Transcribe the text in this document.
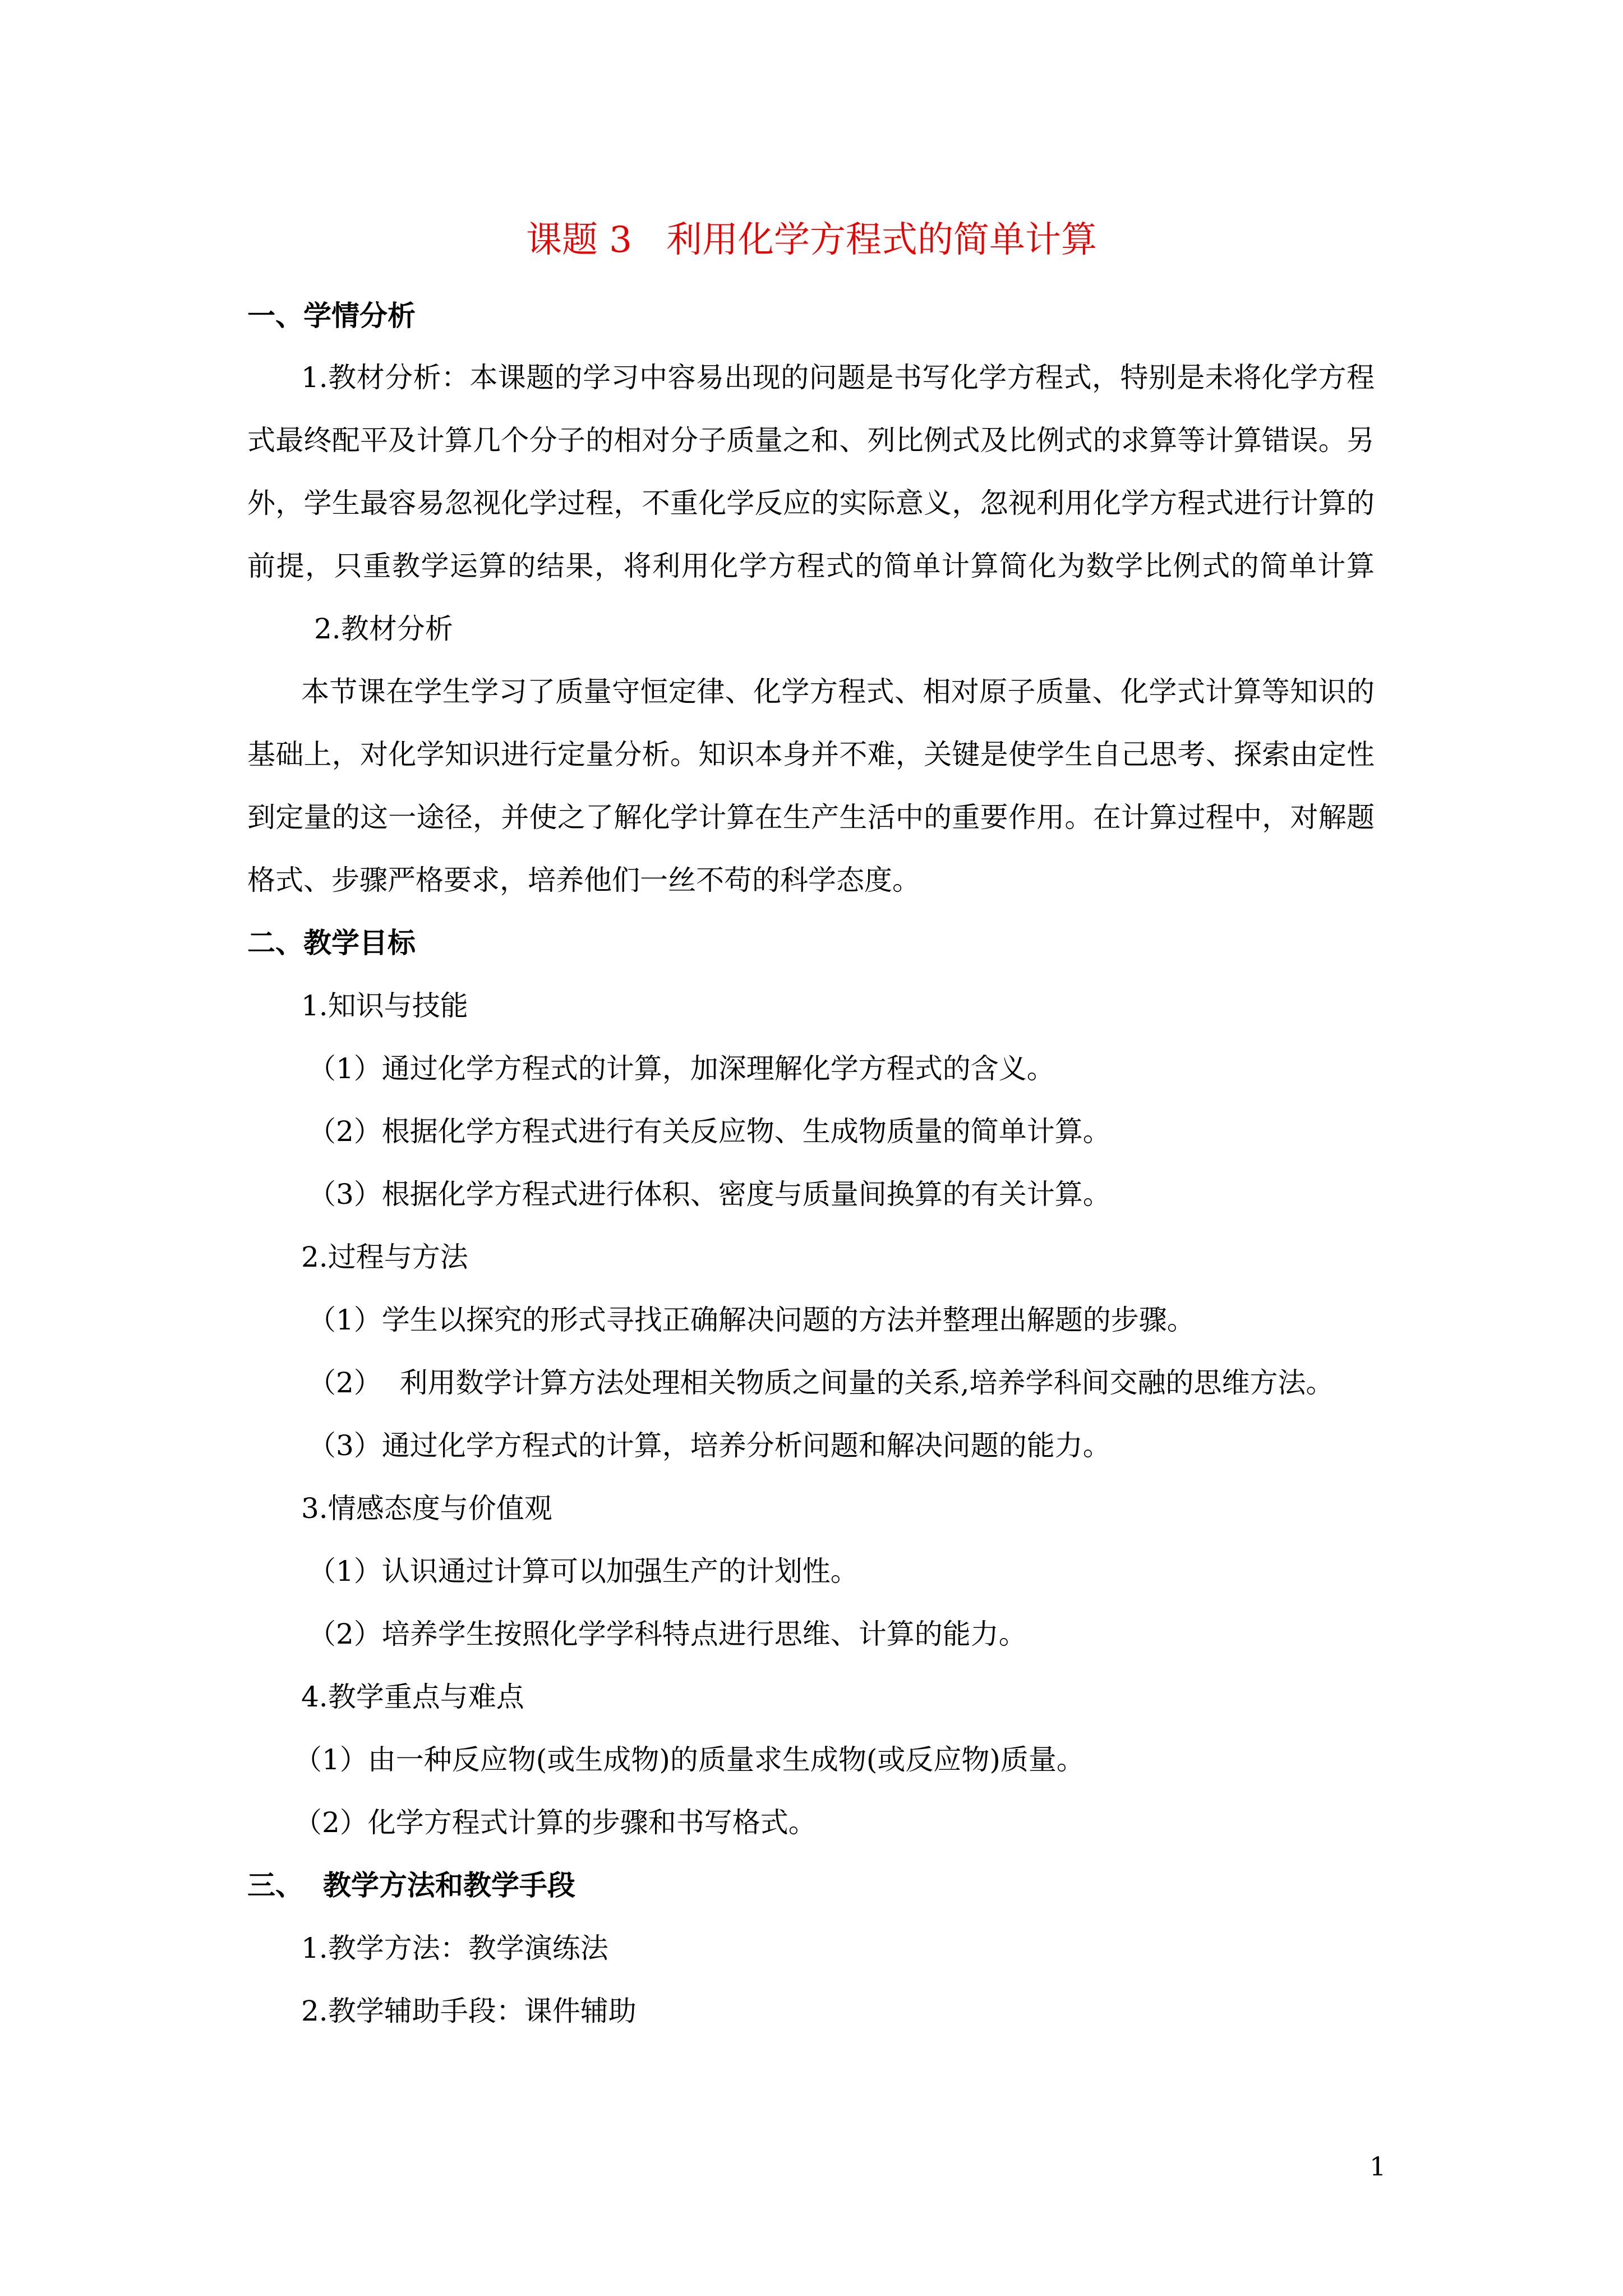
课题 3   利用化学方程式的简单计算
一、学情分析
1.教材分析：本课题的学习中容易出现的问题是书写化学方程式，特别是未将化学方程
式最终配平及计算几个分子的相对分子质量之和、列比例式及比例式的求算等计算错误。另
外，学生最容易忽视化学过程，不重化学反应的实际意义，忽视利用化学方程式进行计算的
前提，只重教学运算的结果，将利用化学方程式的简单计算简化为数学比例式的简单计算
2.教材分析
本节课在学生学习了质量守恒定律、化学方程式、相对原子质量、化学式计算等知识的
基础上，对化学知识进行定量分析。知识本身并不难，关键是使学生自己思考、探索由定性
到定量的这一途径，并使之了解化学计算在生产生活中的重要作用。在计算过程中，对解题
格式、步骤严格要求，培养他们一丝不苟的科学态度。
二、教学目标
1.知识与技能
（1）通过化学方程式的计算，加深理解化学方程式的含义。
（2）根据化学方程式进行有关反应物、生成物质量的简单计算。
（3）根据化学方程式进行体积、密度与质量间换算的有关计算。
2.过程与方法
（1）学生以探究的形式寻找正确解决问题的方法并整理出解题的步骤。
（2）  利用数学计算方法处理相关物质之间量的关系,培养学科间交融的思维方法。
（3）通过化学方程式的计算，培养分析问题和解决问题的能力。
3.情感态度与价值观
（1）认识通过计算可以加强生产的计划性。
（2）培养学生按照化学学科特点进行思维、计算的能力。
4.教学重点与难点
（1）由一种反应物(或生成物)的质量求生成物(或反应物)质量。
（2）化学方程式计算的步骤和书写格式。
三、  教学方法和教学手段
1.教学方法：教学演练法
2.教学辅助手段：课件辅助
1
